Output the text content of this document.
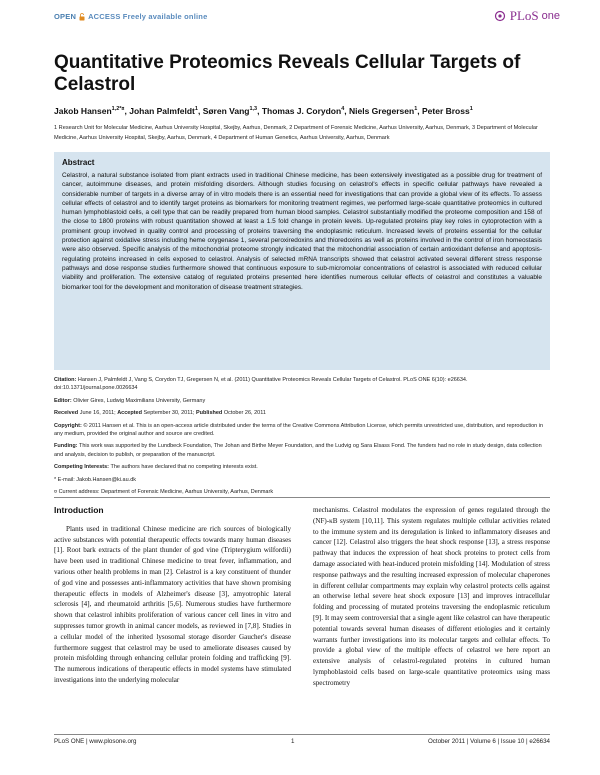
OPEN ACCESS Freely available online	PLoS one
Quantitative Proteomics Reveals Cellular Targets of Celastrol
Jakob Hansen$^{1,2*¤}$, Johan Palmfeldt$^1$, Søren Vang$^{1,3}$, Thomas J. Corydon$^4$, Niels Gregersen$^1$, Peter Bross$^1$
1 Research Unit for Molecular Medicine, Aarhus University Hospital, Skejby, Aarhus, Denmark, 2 Department of Forensic Medicine, Aarhus University, Aarhus, Denmark, 3 Department of Molecular Medicine, Aarhus University Hospital, Skejby, Aarhus, Denmark, 4 Department of Human Genetics, Aarhus University, Aarhus, Denmark
Abstract

Celastrol, a natural substance isolated from plant extracts used in traditional Chinese medicine, has been extensively investigated as a possible drug for treatment of cancer, autoimmune diseases, and protein misfolding disorders. Although studies focusing on celastrol's effects in specific cellular pathways have revealed a considerable number of targets in a diverse array of in vitro models there is an essential need for investigations that can provide a global view of its effects. To assess cellular effects of celastrol and to identify target proteins as biomarkers for monitoring treatment regimes, we performed large-scale quantitative proteomics in cultured human lymphoblastoid cells, a cell type that can be readily prepared from human blood samples. Celastrol substantially modified the proteome composition and 158 of the close to 1800 proteins with robust quantitation showed at least a 1.5 fold change in protein levels. Up-regulated proteins play key roles in cytoprotection with a prominent group involved in quality control and processing of proteins traversing the endoplasmic reticulum. Increased levels of proteins essential for the cellular protection against oxidative stress including heme oxygenase 1, several peroxiredoxins and thioredoxins as well as proteins involved in the control of iron homeostasis were also observed. Specific analysis of the mitochondrial proteome strongly indicated that the mitochondrial association of certain antioxidant defense and apoptosis-regulating proteins increased in cells exposed to celastrol. Analysis of selected mRNA transcripts showed that celastrol activated several different stress response pathways and dose response studies furthermore showed that continuous exposure to sub-micromolar concentrations of celastrol is associated with reduced cellular viability and proliferation. The extensive catalog of regulated proteins presented here identifies numerous cellular effects of celastrol and constitutes a valuable biomarker tool for the development and monitoration of disease treatment strategies.

Citation: Hansen J, Palmfeldt J, Vang S, Corydon TJ, Gregersen N, et al. (2011) Quantitative Proteomics Reveals Cellular Targets of Celastrol. PLoS ONE 6(10): e26634. doi:10.1371/journal.pone.0026634

Editor: Olivier Gires, Ludwig Maximilians University, Germany

Received June 16, 2011; Accepted September 30, 2011; Published October 26, 2011

Copyright: © 2011 Hansen et al. This is an open-access article distributed under the terms of the Creative Commons Attribution License, which permits unrestricted use, distribution, and reproduction in any medium, provided the original author and source are credited.

Funding: This work was supported by the Lundbeck Foundation, The Johan and Birthe Meyer Foundation, and the Ludvig og Sara Elsass Fond. The funders had no role in study design, data collection and analysis, decision to publish, or preparation of the manuscript.

Competing Interests: The authors have declared that no competing interests exist.

* E-mail: Jakob.Hansen@ki.au.dk

¤ Current address: Department of Forensic Medicine, Aarhus University, Aarhus, Denmark

Introduction

Plants used in traditional Chinese medicine are rich sources of biologically active substances with potential therapeutic effects towards many human diseases [1]. Root bark extracts of the plant thunder of god vine (Tripterygium wilfordii) have been used in traditional Chinese medicine to treat fever, inflammation, and various other health problems in man [2]. Celastrol is a key constituent of thunder of god vine and possesses anti-inflammatory activities that have shown promising therapeutic effects in models of Alzheimer's disease [3], amyotrophic lateral sclerosis [4], and rheumatoid arthritis [5,6]. Numerous studies have furthermore shown that celastrol inhibits proliferation of various cancer cell lines in vitro and suppresses tumor growth in animal cancer models, as reviewed in [7,8]. Studies in a cellular model of the inherited lysosomal storage disorder Gaucher's disease furthermore suggest that celastrol may be used to ameliorate diseases caused by protein misfolding through enhancing cellular protein folding and trafficking [9]. The numerous indications of therapeutic effects in model systems have stimulated investigations into the underlying molecular

mechanisms. Celastrol modulates the expression of genes regulated through the (NF)-κB system [10,11]. This system regulates multiple cellular activities related to the immune system and its deregulation is linked to inflammatory diseases and cancer [12]. Celastrol also triggers the heat shock response [13], a stress response pathway that induces the expression of heat shock proteins to protect cells from damage associated with heat-induced protein misfolding [14]. Modulation of stress response pathways and the resulting increased expression of molecular chaperones in different cellular compartments may explain why celastrol protects cells against an otherwise lethal severe heat shock exposure [13] and improves intracellular folding and processing of mutated proteins traversing the endoplasmic reticulum [9]. It may seem controversial that a single agent like celastrol can have therapeutic potential towards several human diseases of different etiologies and it certainly warrants further investigations into its molecular targets and cellular effects. To provide a global view of the multiple effects of celastrol we here report an extensive analysis of celastrol-regulated proteins in cultured human lymphoblastoid cells based on large-scale quantitative proteomics using mass spectrometry

PLoS ONE | www.plosone.org	1	October 2011 | Volume 6 | Issue 10 | e26634
